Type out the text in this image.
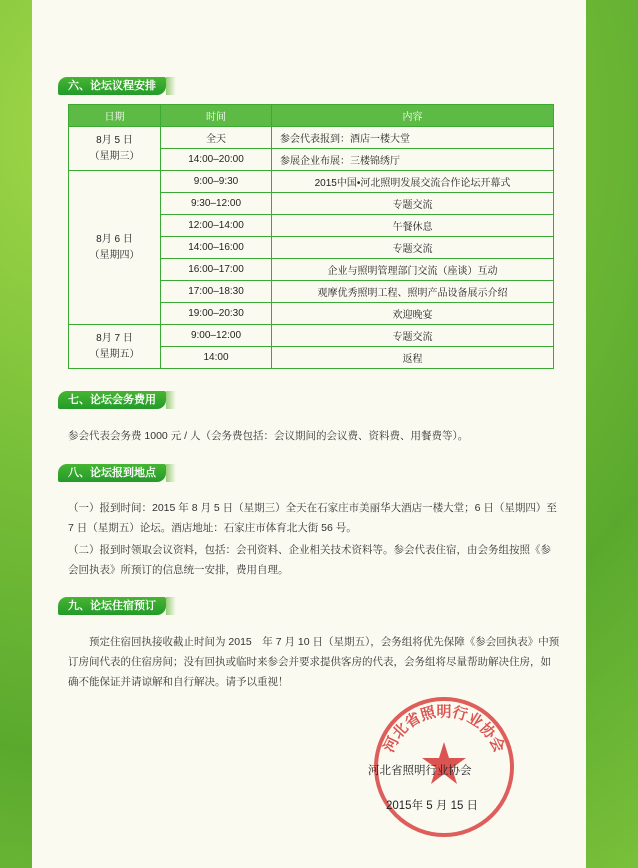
六、论坛议程安排
日期	时间	内容

8月 5 日
（星期三）	全天	参会代表报到：酒店一楼大堂
	14:00–20:00	参展企业布展：三楼锦绣厅

8月 6 日
（星期四）	9:00–9:30	2015中国•河北照明发展交流合作论坛开幕式
	9:30–12:00	专题交流
	12:00–14:00	午餐休息
	14:00–16:00	专题交流
	16:00–17:00	企业与照明管理部门交流（座谈）互动
	17:00–18:30	观摩优秀照明工程、照明产品设备展示介绍
	19:00–20:30	欢迎晚宴

8月 7 日
（星期五）	9:00–12:00	专题交流
	14:00	返程
七、论坛会务费用

参会代表会务费 1000 元 / 人（会务费包括：会议期间的会议费、资料费、用餐费等）。

八、论坛报到地点

（一）报到时间：2015 年 8 月 5 日（星期三）全天在石家庄市美丽华大酒店一楼大堂；6 日（星期四）至 7 日（星期五）论坛。酒店地址：石家庄市体育北大街 56 号。

（二）报到时领取会议资料，包括：会刊资料、企业相关技术资料等。参会代表住宿，由会务组按照《参会回执表》所预订的信息统一安排，费用自理。

九、论坛住宿预订

预定住宿回执接收截止时间为 2015　年 7 月 10 日（星期五），会务组将优先保障《参会回执表》中预订房间代表的住宿房间；没有回执或临时来参会并要求提供客房的代表，会务组将尽量帮助解决住房，如确不能保证并请谅解和自行解决。请予以重视！

河北省照明行业协会
河北省照明行业协会
2015年 5 月 15 日
